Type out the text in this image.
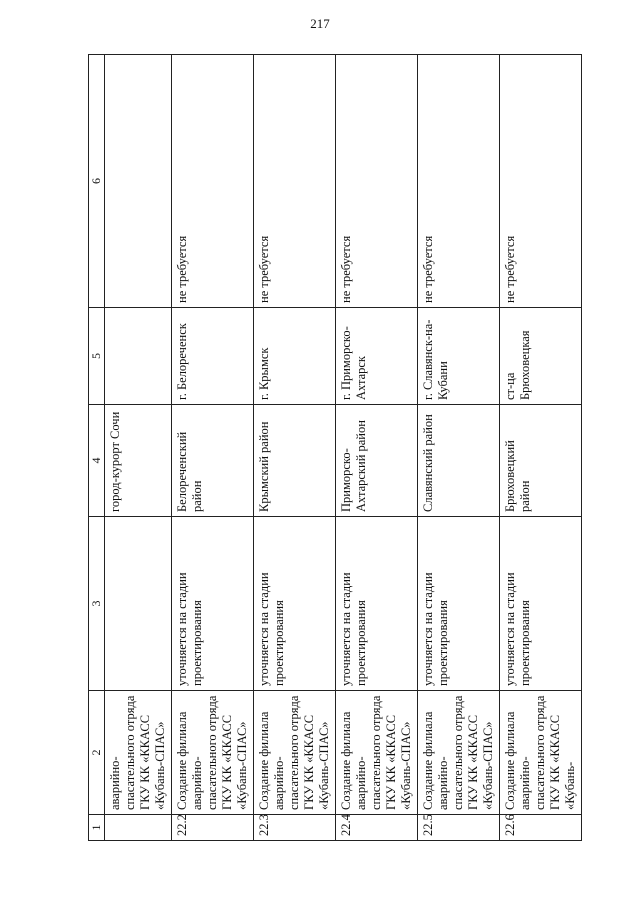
217
1	2	3	4	5	6
	аварийно-спасательного отряда ГКУ КК «ККАСС «Кубань-СПАС»		город-курорт Сочи		
22.2	Создание филиала аварийно-спасательного отряда ГКУ КК «ККАСС «Кубань-СПАС»	уточняется на стадии проектирования	Белореченский район	г. Белореченск	не требуется
22.3	Создание филиала аварийно-спасательного отряда ГКУ КК «ККАСС «Кубань-СПАС»	уточняется на стадии проектирования	Крымский район	г. Крымск	не требуется
22.4	Создание филиала аварийно-спасательного отряда ГКУ КК «ККАСС «Кубань-СПАС»	уточняется на стадии проектирования	Приморско-Ахтарский район	г. Приморско-Ахтарск	не требуется
22.5	Создание филиала аварийно-спасательного отряда ГКУ КК «ККАСС «Кубань-СПАС»	уточняется на стадии проектирования	Славянский район	г. Славянск-на-Кубани	не требуется
22.6	Создание филиала аварийно-спасательного отряда ГКУ КК «ККАСС «Кубань-	уточняется на стадии проектирования	Брюховецкий район	ст-ца Брюховецкая	не требуется
